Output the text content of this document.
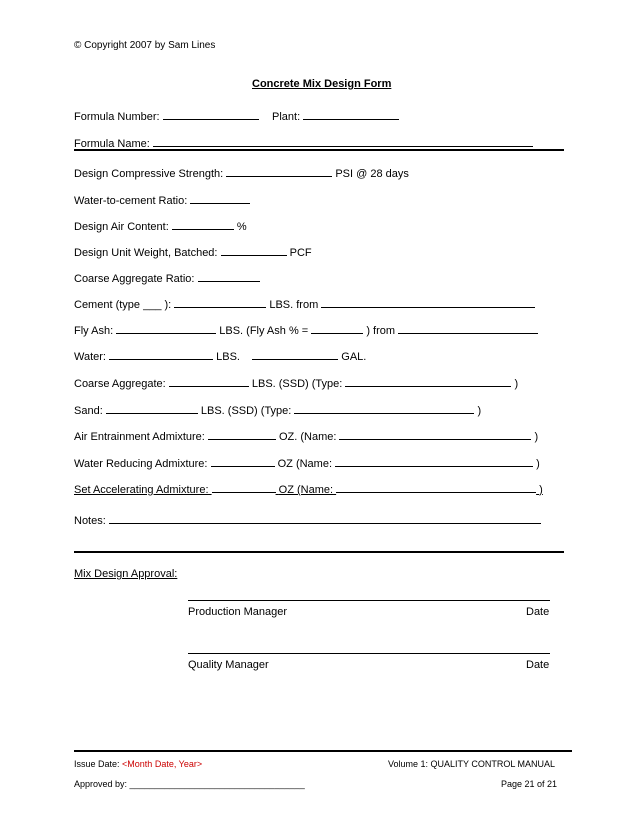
© Copyright 2007 by Sam Lines
Concrete Mix Design Form
Formula Number:	Plant:
Formula Name:
Design Compressive Strength:	PSI @ 28 days
Water-to-cement Ratio:
Design Air Content:	%
Design Unit Weight, Batched:	PCF
Coarse Aggregate Ratio:
Cement (type ___ ):	LBS. from
Fly Ash:	LBS. (Fly Ash % =	) from
Water:	LBS.	GAL.
Coarse Aggregate:	LBS. (SSD) (Type:	)
Sand:	LBS. (SSD) (Type:	)
Air Entrainment Admixture:	OZ. (Name:	)
Water Reducing Admixture:	OZ (Name:	)
Set Accelerating Admixture:	OZ (Name:	)
Notes:
Mix Design Approval:
Production Manager	Date
Quality Manager	Date
Issue Date: <Month Date, Year>	Volume 1: QUALITY CONTROL MANUAL
Approved by: ___________________________________	Page 21 of 21
